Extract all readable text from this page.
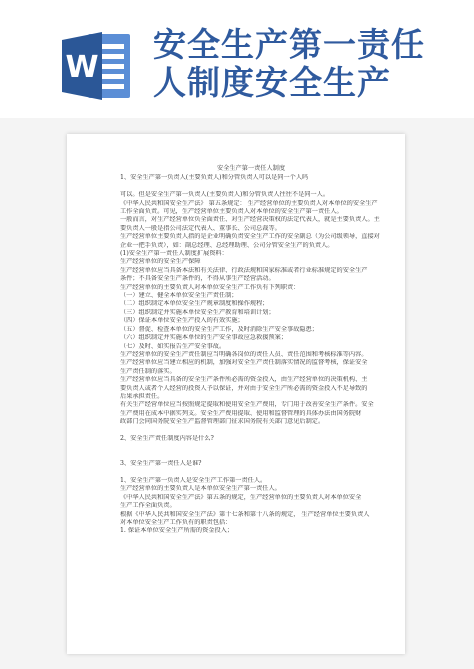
W
安全生产第一责任
人制度安全生产

安全生产第一责任人制度

1、安全生产第一负责人(主要负责人)和分管负责人可以是同一个人吗

可以。但是安全生产第一负责人(主要负责人)和分管负责人往往不是同一人。

《中华人民共和国安全生产法》 第五条规定： 生产经营单位的主要负责人对本单位的安全生产

工作全面负责。可见，生产经营单位主要负责人对本单位的安全生产第一责任人。

一般而言，对生产经营单位负全面责任、对生产经营决策权的法定代表人，就是主要负责人。主

要负责人一般是指公司法定代表人、董事长、公司总裁等。

生产经营单位主要负责人指的是企业明确负责安全生产工作的安全副总（为公司级领导，直接对

企业一把手负责），如：副总经理、总经理助理、公司分管安全生产的负责人。

(1)安全生产第一责任人制度扩展资料：

生产经营单位的安全生产保障

生产经营单位应当具备本法和有关法律、行政法规和国家标准或者行业标准规定的安全生产

条件；不具备安全生产条件的，不得从事生产经营活动。

生产经营单位的主要负责人对本单位安全生产工作负有下列职责：

（一）建立、健全本单位安全生产责任制；

（二）组织制定本单位安全生产规章制度和操作规程；

（三）组织制定并实施本单位安全生产教育和培训计划；

（四）保证本单位安全生产投入的有效实施；

（五）督促、检查本单位的安全生产工作，及时消除生产安全事故隐患；

（六）组织制定并实施本单位的生产安全事故应急救援预案；

（七）及时、如实报告生产安全事故。

生产经营单位的安全生产责任制应当明确各岗位的责任人员、责任范围和考核标准等内容。

生产经营单位应当建立相应的机制，加强对安全生产责任制落实情况的监督考核，保证安全

生产责任制的落实。

生产经营单位应当具备的安全生产条件所必需的资金投入，由生产经营单位的决策机构、主

要负责人或者个人经营的投资人予以保证，并对由于安全生产所必需的资金投入不足导致的

后果承担责任。

有关生产经营单位应当按照规定提取和使用安全生产费用，专门用于改善安全生产条件。安全

生产费用在成本中据实列支。安全生产费用提取、使用和监督管理的具体办法由国务院财

政部门会同国务院安全生产监督管理部门征求国务院有关部门意见后制定。

2、安全生产责任制度内容是什么?

3、安全生产第一责任人是谁?

1、安全生产第一负责人是安全生产工作第一责任人。

生产经营单位的主要负责人是本单位安全生产第一责任人。

《中华人民共和国安全生产法》第五条的规定，生产经营单位的主要负责人对本单位安全

生产工作全面负责。

根据《中华人民共和国安全生产法》第十七条和第十八条的规定， 生产经营单位主要负责人

对本单位安全生产工作负有的职责包括：

1. 保证本单位安全生产所需的资金投入；
